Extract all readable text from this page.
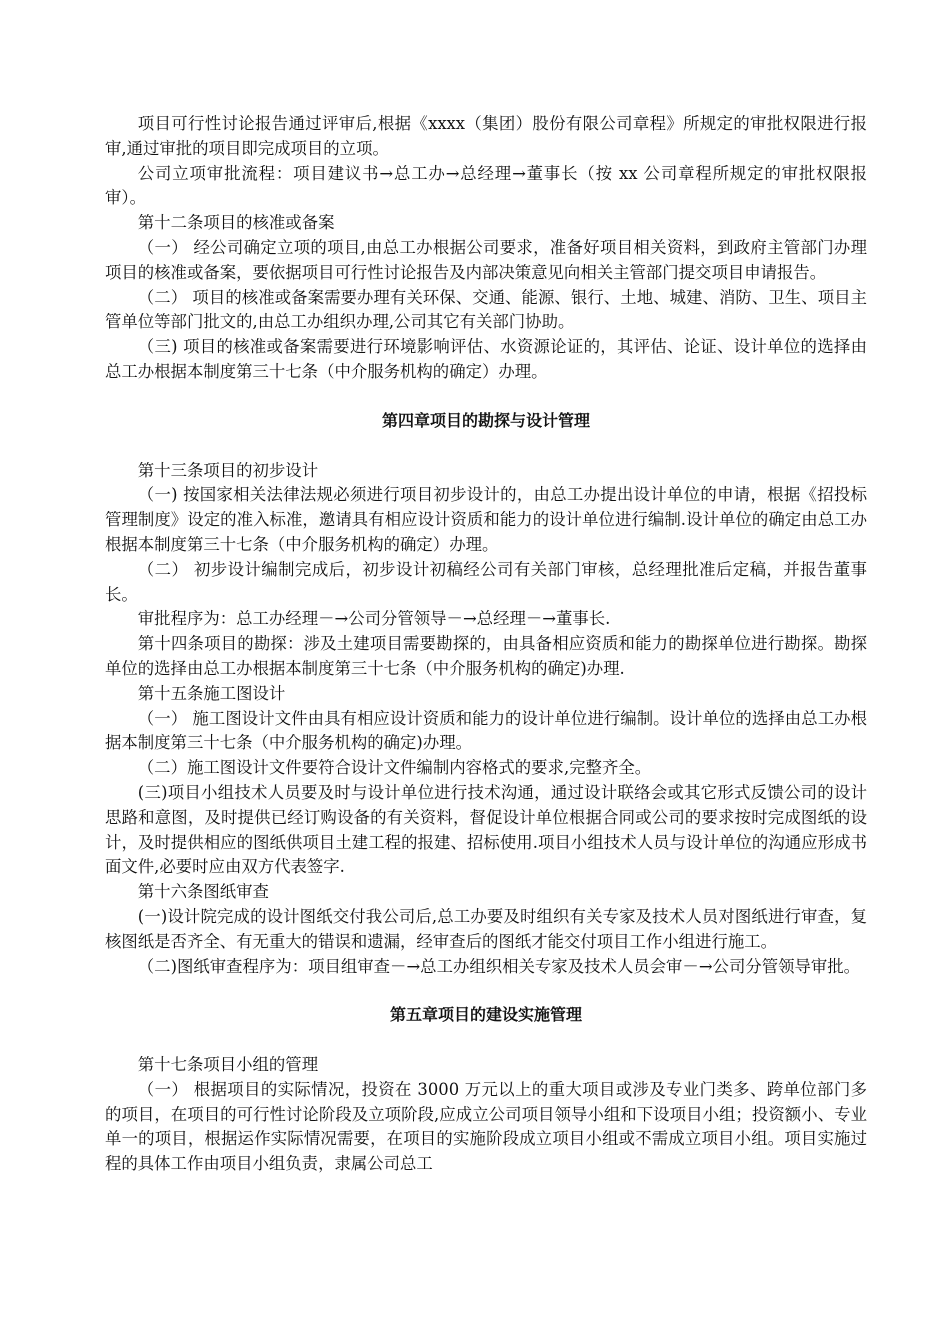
项目可行性讨论报告通过评审后,根据《xxxx（集团）股份有限公司章程》所规定的审批权限进行报审,通过审批的项目即完成项目的立项。

公司立项审批流程：项目建议书→总工办→总经理→董事长（按 xx 公司章程所规定的审批权限报审）。

第十二条项目的核准或备案

（一） 经公司确定立项的项目,由总工办根据公司要求，准备好项目相关资料，到政府主管部门办理项目的核准或备案，要依据项目可行性讨论报告及内部决策意见向相关主管部门提交项目申请报告。

（二） 项目的核准或备案需要办理有关环保、交通、能源、银行、土地、城建、消防、卫生、项目主管单位等部门批文的,由总工办组织办理,公司其它有关部门协助。

（三) 项目的核准或备案需要进行环境影响评估、水资源论证的，其评估、论证、设计单位的选择由总工办根据本制度第三十七条（中介服务机构的确定）办理。

第四章项目的勘探与设计管理

第十三条项目的初步设计

（一) 按国家相关法律法规必须进行项目初步设计的，由总工办提出设计单位的申请，根据《招投标管理制度》设定的准入标准，邀请具有相应设计资质和能力的设计单位进行编制.设计单位的确定由总工办根据本制度第三十七条（中介服务机构的确定）办理。

（二） 初步设计编制完成后，初步设计初稿经公司有关部门审核，总经理批准后定稿，并报告董事长。

审批程序为：总工办经理－→公司分管领导－→总经理－→董事长.

第十四条项目的勘探：涉及土建项目需要勘探的，由具备相应资质和能力的勘探单位进行勘探。勘探单位的选择由总工办根据本制度第三十七条（中介服务机构的确定)办理.

第十五条施工图设计

（一） 施工图设计文件由具有相应设计资质和能力的设计单位进行编制。设计单位的选择由总工办根据本制度第三十七条（中介服务机构的确定)办理。

（二）施工图设计文件要符合设计文件编制内容格式的要求,完整齐全。

(三)项目小组技术人员要及时与设计单位进行技术沟通，通过设计联络会或其它形式反馈公司的设计思路和意图，及时提供已经订购设备的有关资料，督促设计单位根据合同或公司的要求按时完成图纸的设计，及时提供相应的图纸供项目土建工程的报建、招标使用.项目小组技术人员与设计单位的沟通应形成书面文件,必要时应由双方代表签字.

第十六条图纸审查

(一)设计院完成的设计图纸交付我公司后,总工办要及时组织有关专家及技术人员对图纸进行审查，复核图纸是否齐全、有无重大的错误和遗漏，经审查后的图纸才能交付项目工作小组进行施工。

（二)图纸审查程序为：项目组审查－→总工办组织相关专家及技术人员会审－→公司分管领导审批。

第五章项目的建设实施管理

第十七条项目小组的管理

（一） 根据项目的实际情况，投资在 3000 万元以上的重大项目或涉及专业门类多、跨单位部门多的项目，在项目的可行性讨论阶段及立项阶段,应成立公司项目领导小组和下设项目小组；投资额小、专业单一的项目，根据运作实际情况需要，在项目的实施阶段成立项目小组或不需成立项目小组。项目实施过程的具体工作由项目小组负责，隶属公司总工
